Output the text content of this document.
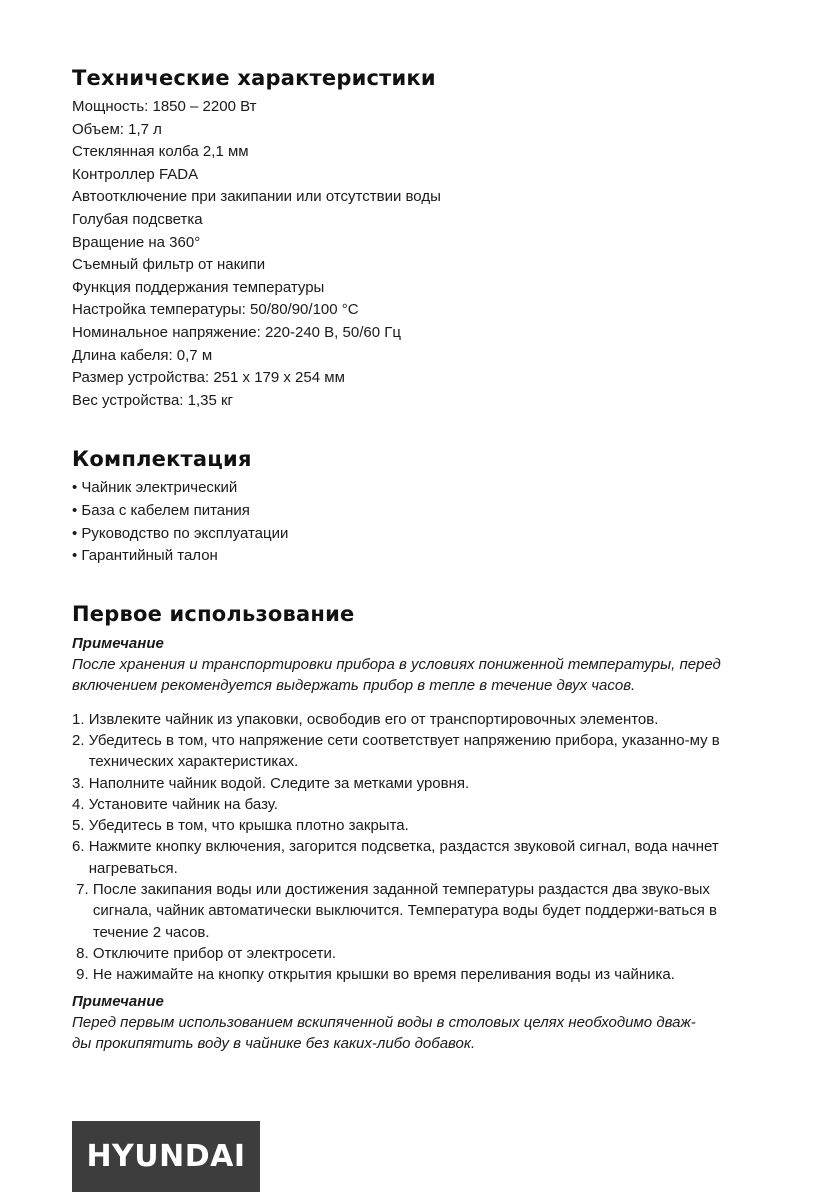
Технические характеристики
Мощность: 1850 – 2200 Вт
Объем: 1,7 л
Стеклянная колба 2,1 мм
Контроллер FADA
Автоотключение при закипании или отсутствии воды
Голубая подсветка
Вращение на 360°
Съемный фильтр от накипи
Функция поддержания температуры
Настройка температуры: 50/80/90/100 °C
Номинальное напряжение: 220-240 В, 50/60 Гц
Длина кабеля: 0,7 м
Размер устройства: 251 х 179 х 254 мм
Вес устройства: 1,35 кг
Комплектация
• Чайник электрический
• База с кабелем питания
• Руководство по эксплуатации
• Гарантийный талон
Первое использование
Примечание
После хранения и транспортировки прибора в условиях пониженной температуры, перед
включением рекомендуется выдержать прибор в тепле в течение двух часов.
1. Извлеките чайник из упаковки, освободив его от транспортировочных элементов.
2. Убедитесь в том, что напряжение сети соответствует напряжению прибора, указанно-му в технических характеристиках.
3. Наполните чайник водой. Следите за метками уровня.
4. Установите чайник на базу.
5. Убедитесь в том, что крышка плотно закрыта.
6. Нажмите кнопку включения, загорится подсветка, раздастся звуковой сигнал, вода начнет нагреваться.
7. После закипания воды или достижения заданной температуры раздастся два звуко-вых сигнала, чайник автоматически выключится. Температура воды будет поддержи-ваться в течение 2 часов.
8. Отключите прибор от электросети.
9. Не нажимайте на кнопку открытия крышки во время переливания воды из чайника.
Примечание
Перед первым использованием вскипяченной воды в столовых целях необходимо дваж-
ды прокипятить воду в чайнике без каких-либо добавок.
HYUNDAI
